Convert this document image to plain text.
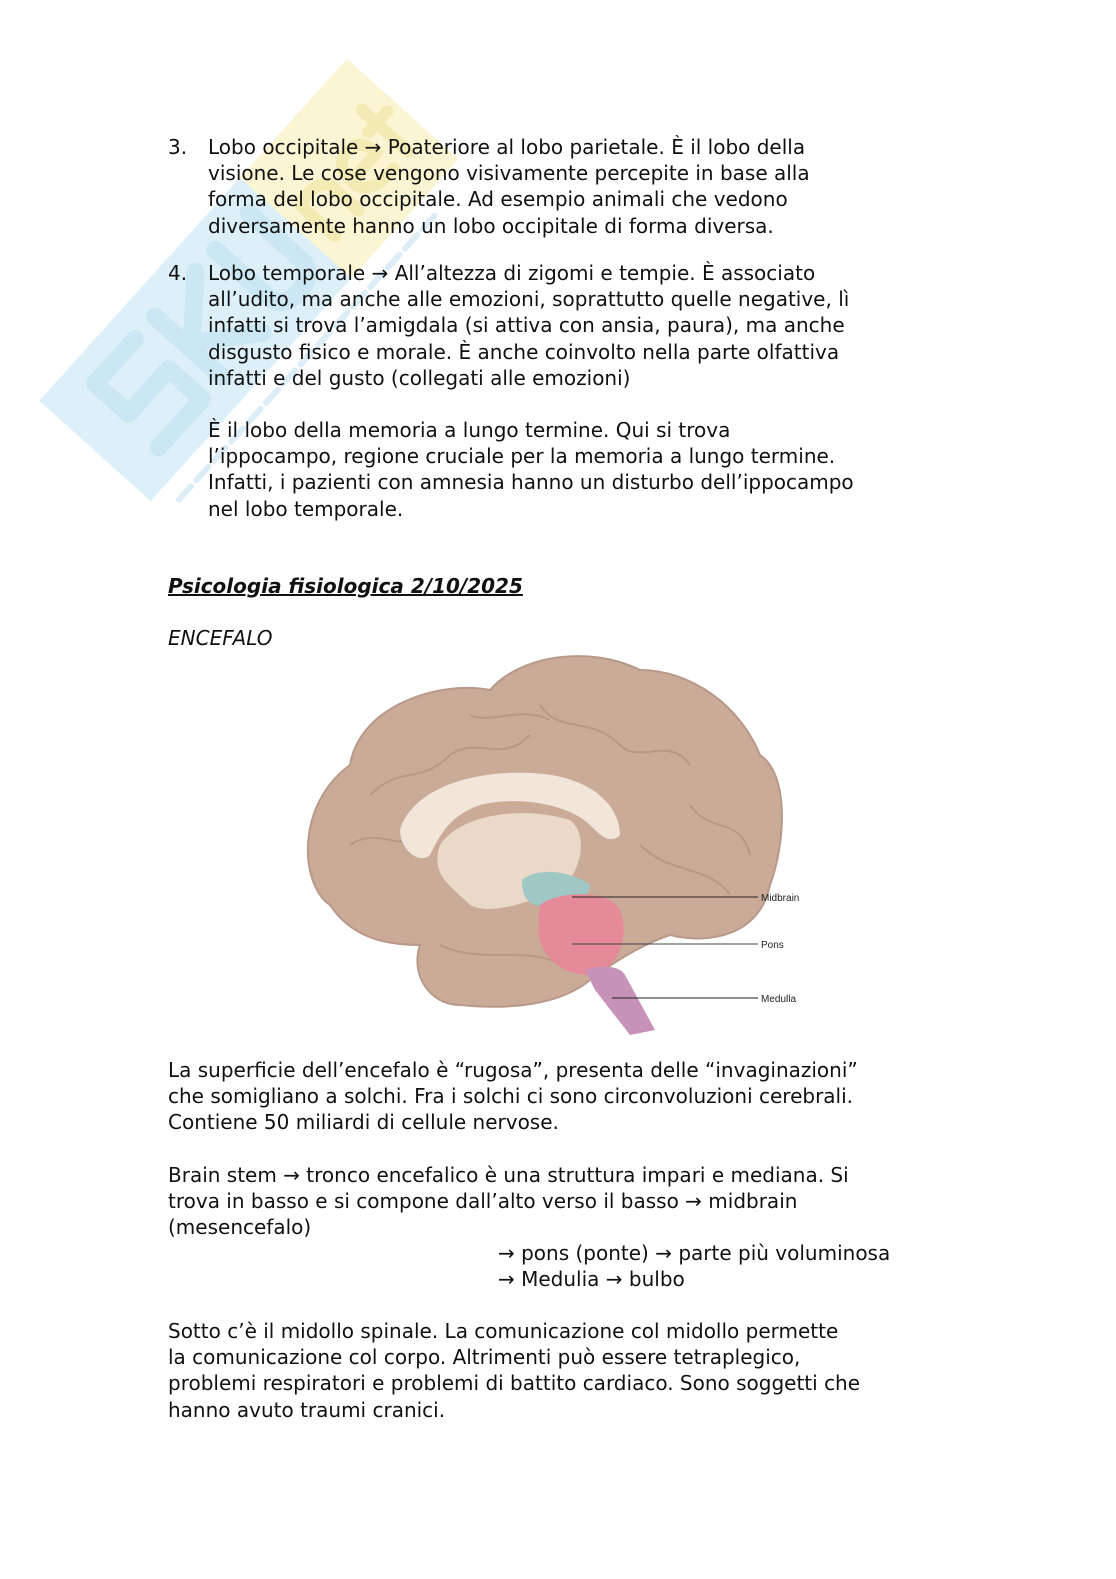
3. Lobo occipitale → Poateriore al lobo parietale. È il lobo della
visione. Le cose vengono visivamente percepite in base alla
forma del lobo occipitale. Ad esempio animali che vedono
diversamente hanno un lobo occipitale di forma diversa.
4. Lobo temporale → All’altezza di zigomi e tempie. È associato
all’udito, ma anche alle emozioni, soprattutto quelle negative, lì
infatti si trova l’amigdala (si attiva con ansia, paura), ma anche
disgusto fisico e morale. È anche coinvolto nella parte olfattiva
infatti e del gusto (collegati alle emozioni)
È il lobo della memoria a lungo termine. Qui si trova
l’ippocampo, regione cruciale per la memoria a lungo termine.
Infatti, i pazienti con amnesia hanno un disturbo dell’ippocampo
nel lobo temporale.
Psicologia fisiologica 2/10/2025
ENCEFALO
Midbrain
Pons
Medulla
La superficie dell’encefalo è “rugosa”, presenta delle “invaginazioni”
che somigliano a solchi. Fra i solchi ci sono circonvoluzioni cerebrali.
Contiene 50 miliardi di cellule nervose.
Brain stem → tronco encefalico è una struttura impari e mediana. Si
trova in basso e si compone dall’alto verso il basso → midbrain
(mesencefalo)
→ pons (ponte) → parte più voluminosa
→ Medulia → bulbo
Sotto c’è il midollo spinale. La comunicazione col midollo permette
la comunicazione col corpo. Altrimenti può essere tetraplegico,
problemi respiratori e problemi di battito cardiaco. Sono soggetti che
hanno avuto traumi cranici.
